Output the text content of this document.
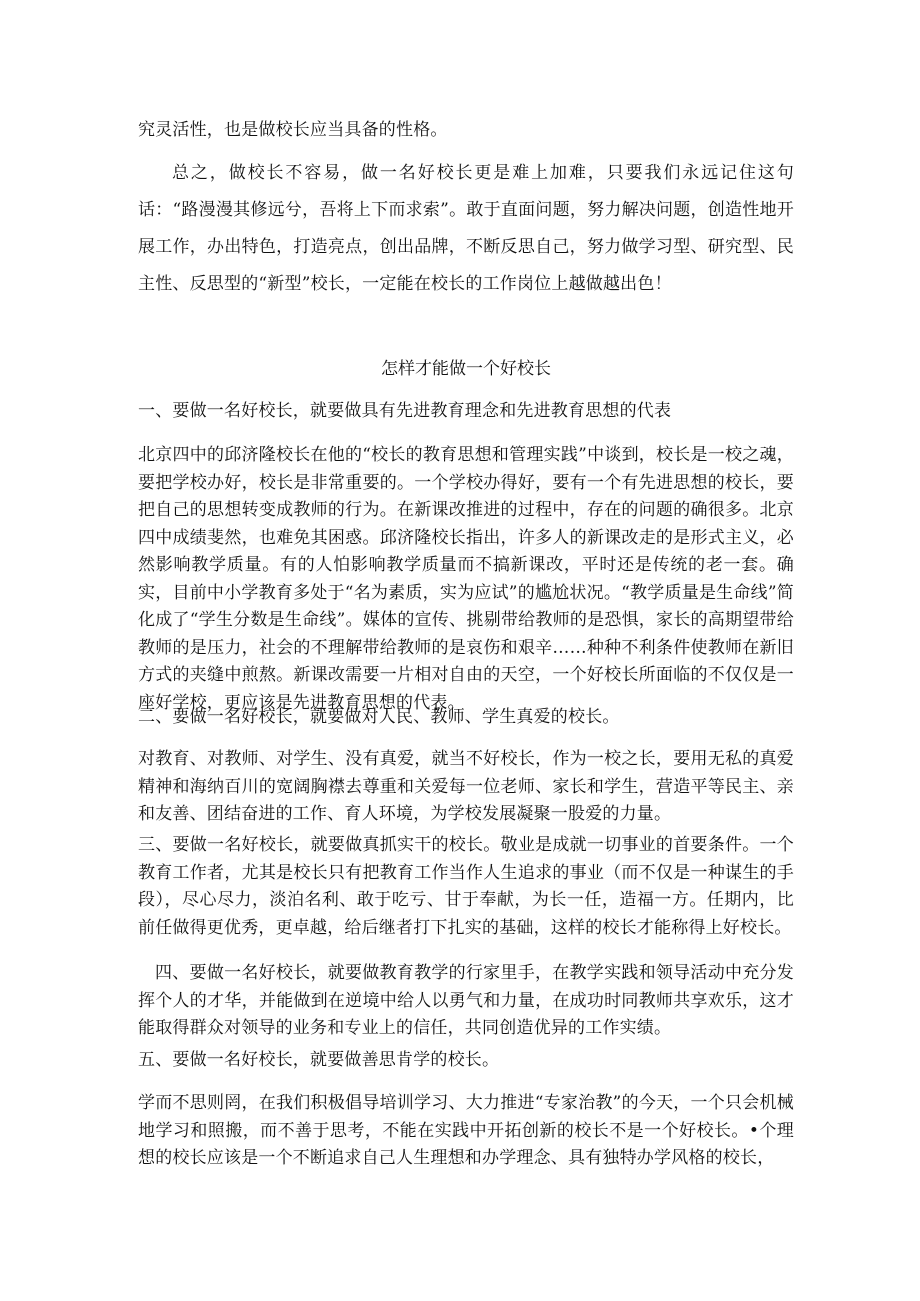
究灵活性，也是做校长应当具备的性格。

总之，做校长不容易，做一名好校长更是难上加难，只要我们永远记住这句话：“路漫漫其修远兮，吾将上下而求索”。敢于直面问题，努力解决问题，创造性地开展工作，办出特色，打造亮点，创出品牌，不断反思自己，努力做学习型、研究型、民主性、反思型的“新型”校长，一定能在校长的工作岗位上越做越出色！

怎样才能做一个好校长

一、要做一名好校长，就要做具有先进教育理念和先进教育思想的代表

北京四中的邱济隆校长在他的“校长的教育思想和管理实践”中谈到，校长是一校之魂，要把学校办好，校长是非常重要的。一个学校办得好，要有一个有先进思想的校长，要把自己的思想转变成教师的行为。在新课改推进的过程中，存在的问题的确很多。北京四中成绩斐然，也难免其困惑。邱济隆校长指出，许多人的新课改走的是形式主义，必然影响教学质量。有的人怕影响教学质量而不搞新课改，平时还是传统的老一套。确实，目前中小学教育多处于“名为素质，实为应试”的尴尬状况。“教学质量是生命线”简化成了“学生分数是生命线”。媒体的宣传、挑剔带给教师的是恐惧，家长的高期望带给教师的是压力，社会的不理解带给教师的是哀伤和艰辛……种种不利条件使教师在新旧方式的夹缝中煎熬。新课改需要一片相对自由的天空，一个好校长所面临的不仅仅是一座好学校，更应该是先进教育思想的代表。

二、要做一名好校长，就要做对人民、教师、学生真爱的校长。

对教育、对教师、对学生、没有真爱，就当不好校长，作为一校之长，要用无私的真爱精神和海纳百川的宽阔胸襟去尊重和关爱每一位老师、家长和学生，营造平等民主、亲和友善、团结奋进的工作、育人环境，为学校发展凝聚一股爱的力量。

三、要做一名好校长，就要做真抓实干的校长。敬业是成就一切事业的首要条件。一个教育工作者，尤其是校长只有把教育工作当作人生追求的事业（而不仅是一种谋生的手段），尽心尽力，淡泊名利、敢于吃亏、甘于奉献，为长一任，造福一方。任期内，比前任做得更优秀，更卓越，给后继者打下扎实的基础，这样的校长才能称得上好校长。

四、要做一名好校长，就要做教育教学的行家里手，在教学实践和领导活动中充分发挥个人的才华，并能做到在逆境中给人以勇气和力量，在成功时同教师共享欢乐，这才能取得群众对领导的业务和专业上的信任，共同创造优异的工作实绩。

五、要做一名好校长，就要做善思肯学的校长。

学而不思则罔，在我们积极倡导培训学习、大力推进“专家治教”的今天，一个只会机械地学习和照搬，而不善于思考，不能在实践中开拓创新的校长不是一个好校长。•个理想的校长应该是一个不断追求自己人生理想和办学理念、具有独特办学风格的校长，
